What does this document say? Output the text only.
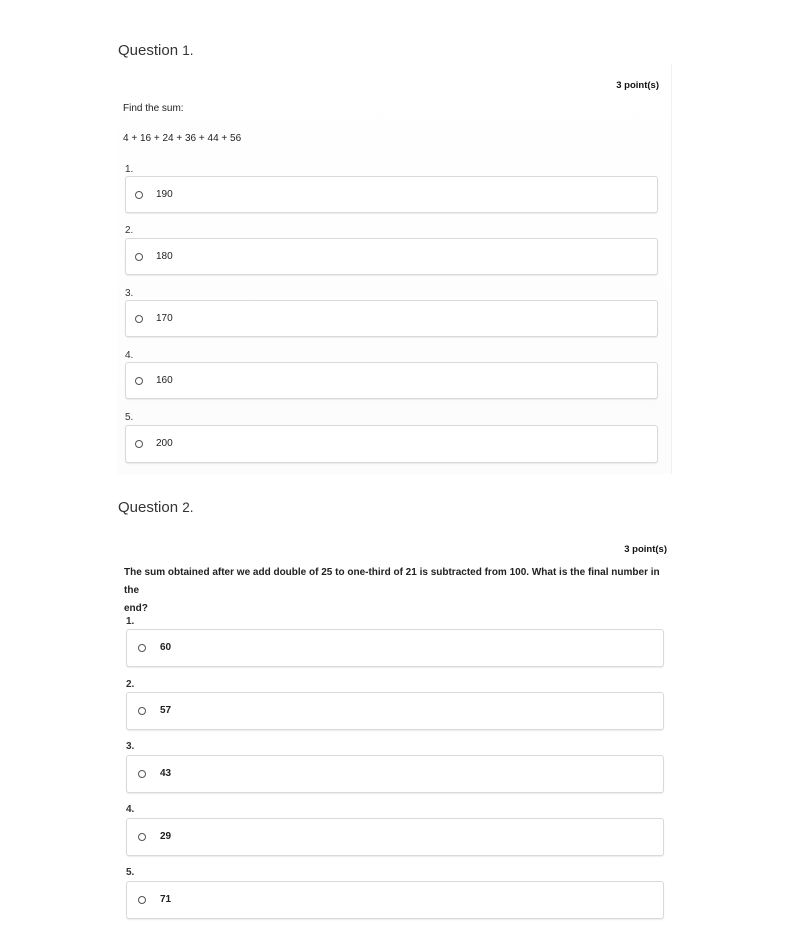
Question 1.
3 point(s)
Find the sum:
4 + 16 + 24 + 36 + 44 + 56
1.
190
2.
180
3.
170
4.
160
5.
200
Question 2.
3 point(s)
The sum obtained after we add double of 25 to one-third of 21 is subtracted from 100. What is the final number in the
end?
1.
60
2.
57
3.
43
4.
29
5.
71
